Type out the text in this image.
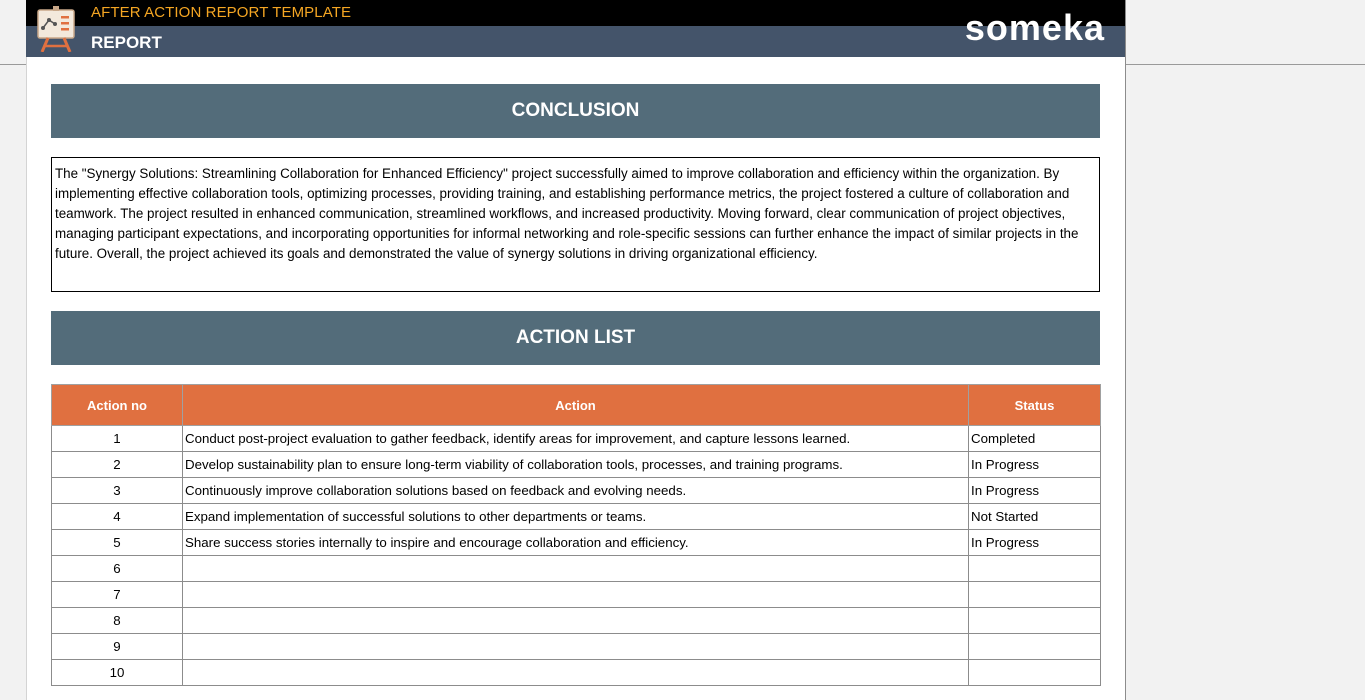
AFTER ACTION REPORT TEMPLATE
REPORT	someka
CONCLUSION
The "Synergy Solutions: Streamlining Collaboration for Enhanced Efficiency" project successfully aimed to improve collaboration and efficiency within the organization. By implementing effective collaboration tools, optimizing processes, providing training, and establishing performance metrics, the project fostered a culture of collaboration and teamwork. The project resulted in enhanced communication, streamlined workflows, and increased productivity. Moving forward, clear communication of project objectives, managing participant expectations, and incorporating opportunities for informal networking and role-specific sessions can further enhance the impact of similar projects in the future. Overall, the project achieved its goals and demonstrated the value of synergy solutions in driving organizational efficiency.
ACTION LIST
Action no	Action	Status
1	Conduct post-project evaluation to gather feedback, identify areas for improvement, and capture lessons learned.	Completed
2	Develop sustainability plan to ensure long-term viability of collaboration tools, processes, and training programs.	In Progress
3	Continuously improve collaboration solutions based on feedback and evolving needs.	In Progress
4	Expand implementation of successful solutions to other departments or teams.	Not Started
5	Share success stories internally to inspire and encourage collaboration and efficiency.	In Progress
6		
7		
8		
9		
10		
